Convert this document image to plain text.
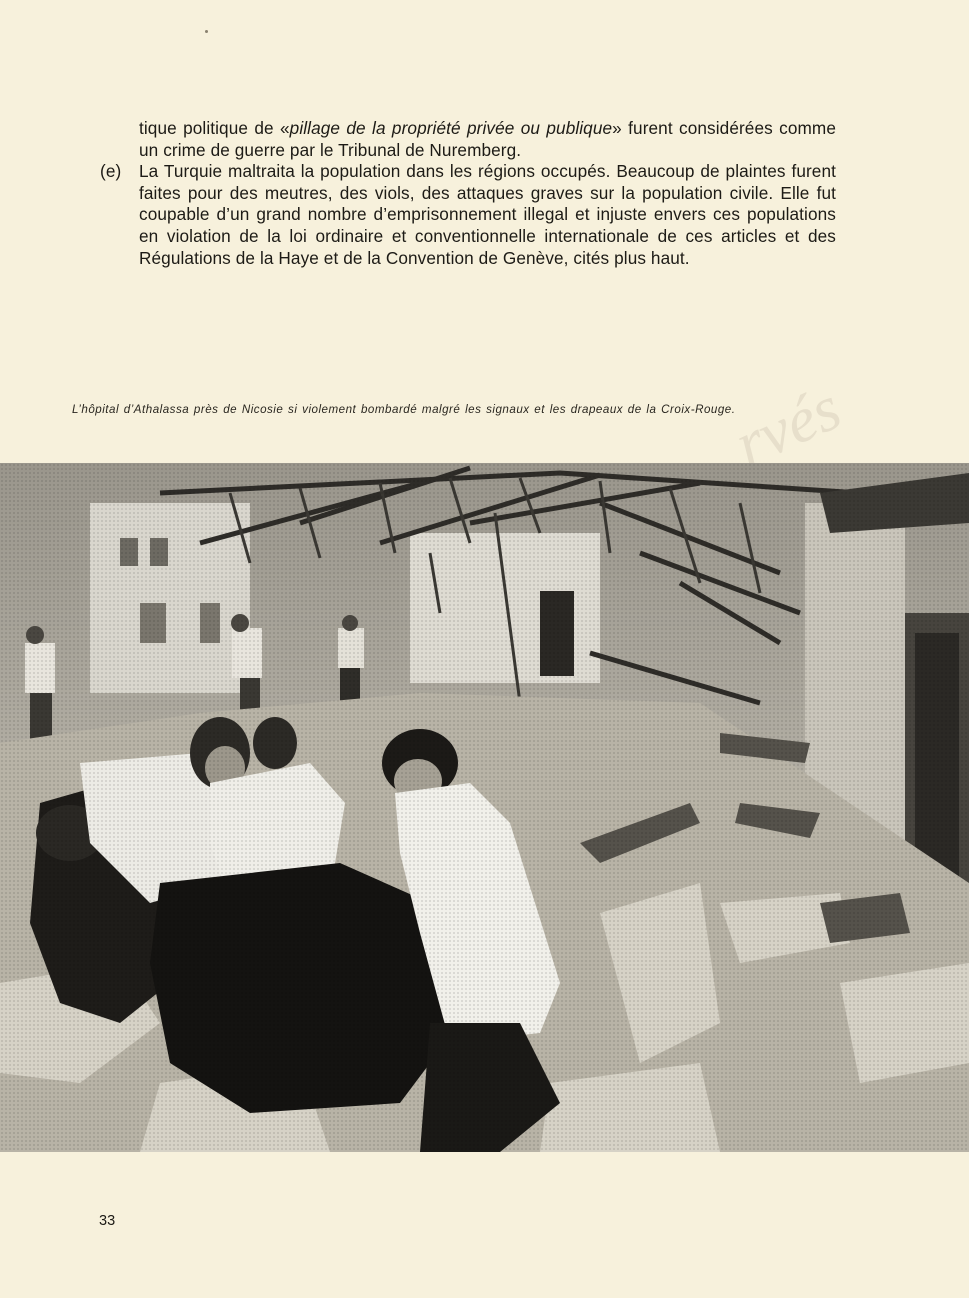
tique politique de «pillage de la propriété privée ou publique» furent considérées comme un crime de guerre par le Tribunal de Nuremberg.

(e) La Turquie maltraita la population dans les régions occupés. Beaucoup de plaintes furent faites pour des meutres, des viols, des attaques graves sur la population civile. Elle fut coupable d’un grand nombre d’emprisonnement illegal et injuste envers ces populations en violation de la loi ordinaire et conventionnelle internationale de ces articles et des Régulations de la Haye et de la Convention de Genève, cités plus haut.

rvés
L’hôpital d’Athalassa près de Nicosie si violement bombardé malgré les signaux et les drapeaux de la Croix-Rouge.
33
